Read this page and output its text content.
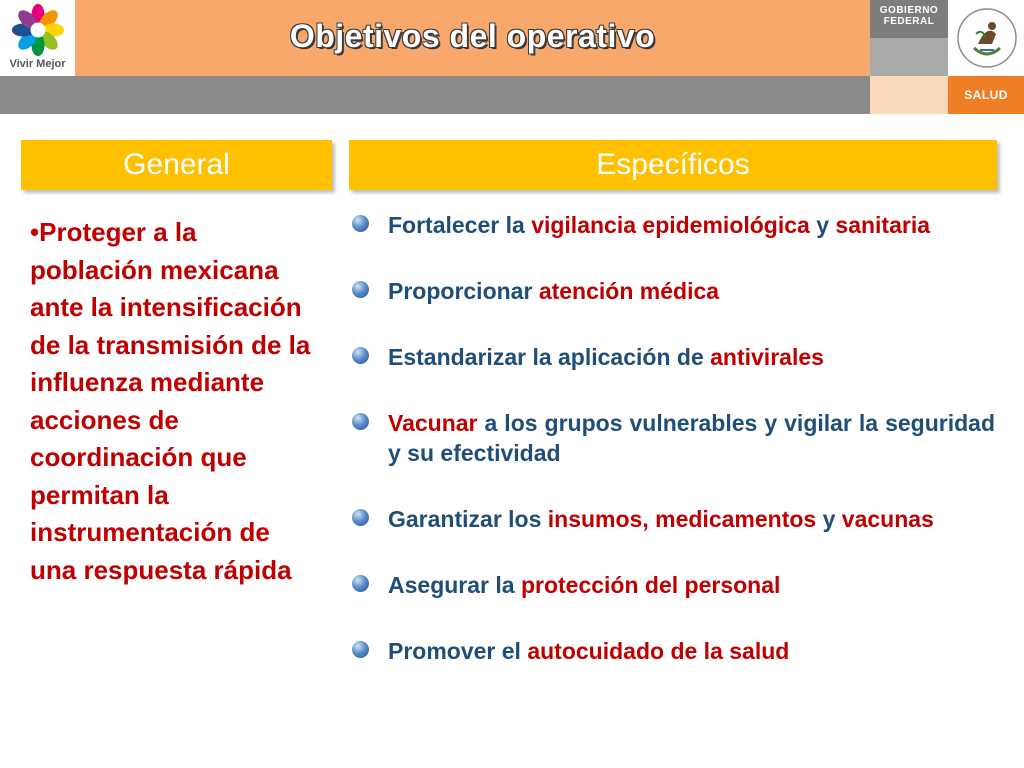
Vivir Mejor
Objetivos del operativo
GOBIERNO
FEDERAL
SALUD
General	Específicos
•Proteger a la población mexicana ante la intensificación de la transmisión de la influenza mediante acciones de coordinación que permitan la instrumentación de una respuesta rápida
Fortalecer la vigilancia epidemiológica y sanitaria
Proporcionar atención médica
Estandarizar la aplicación de antivirales
Vacunar a los grupos vulnerables y vigilar la seguridad y su efectividad
Garantizar los insumos, medicamentos y vacunas
Asegurar la protección del personal
Promover el autocuidado de la salud
